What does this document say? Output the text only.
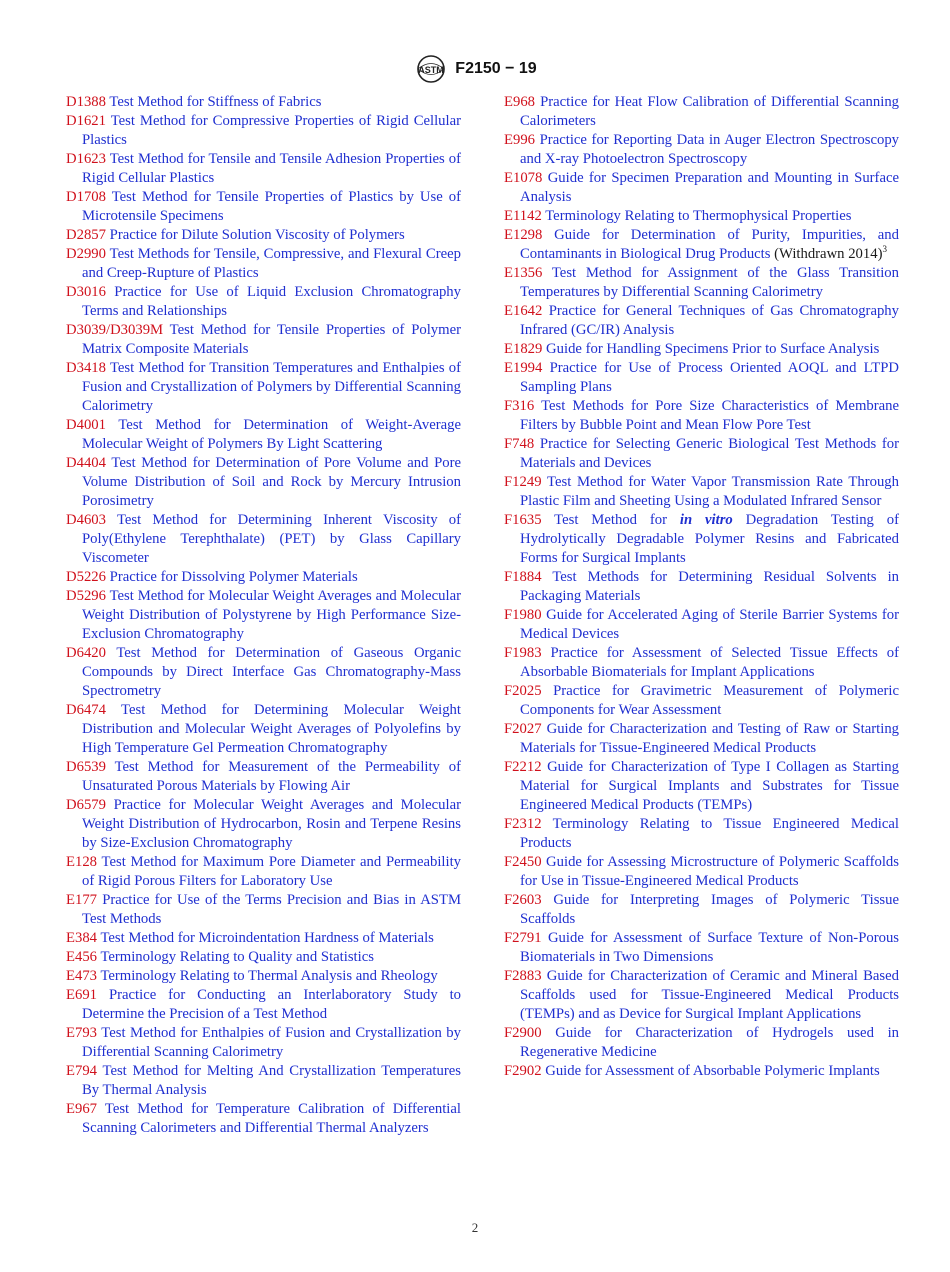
ASTM F2150 − 19
D1388 Test Method for Stiffness of Fabrics
D1621 Test Method for Compressive Properties of Rigid Cellular Plastics
D1623 Test Method for Tensile and Tensile Adhesion Properties of Rigid Cellular Plastics
D1708 Test Method for Tensile Properties of Plastics by Use of Microtensile Specimens
D2857 Practice for Dilute Solution Viscosity of Polymers
D2990 Test Methods for Tensile, Compressive, and Flexural Creep and Creep-Rupture of Plastics
D3016 Practice for Use of Liquid Exclusion Chromatography Terms and Relationships
D3039/D3039M Test Method for Tensile Properties of Polymer Matrix Composite Materials
D3418 Test Method for Transition Temperatures and Enthalpies of Fusion and Crystallization of Polymers by Differential Scanning Calorimetry
D4001 Test Method for Determination of Weight-Average Molecular Weight of Polymers By Light Scattering
D4404 Test Method for Determination of Pore Volume and Pore Volume Distribution of Soil and Rock by Mercury Intrusion Porosimetry
D4603 Test Method for Determining Inherent Viscosity of Poly(Ethylene Terephthalate) (PET) by Glass Capillary Viscometer
D5226 Practice for Dissolving Polymer Materials
D5296 Test Method for Molecular Weight Averages and Molecular Weight Distribution of Polystyrene by High Performance Size-Exclusion Chromatography
D6420 Test Method for Determination of Gaseous Organic Compounds by Direct Interface Gas Chromatography-Mass Spectrometry
D6474 Test Method for Determining Molecular Weight Distribution and Molecular Weight Averages of Polyolefins by High Temperature Gel Permeation Chromatography
D6539 Test Method for Measurement of the Permeability of Unsaturated Porous Materials by Flowing Air
D6579 Practice for Molecular Weight Averages and Molecular Weight Distribution of Hydrocarbon, Rosin and Terpene Resins by Size-Exclusion Chromatography
E128 Test Method for Maximum Pore Diameter and Permeability of Rigid Porous Filters for Laboratory Use
E177 Practice for Use of the Terms Precision and Bias in ASTM Test Methods
E384 Test Method for Microindentation Hardness of Materials
E456 Terminology Relating to Quality and Statistics
E473 Terminology Relating to Thermal Analysis and Rheology
E691 Practice for Conducting an Interlaboratory Study to Determine the Precision of a Test Method
E793 Test Method for Enthalpies of Fusion and Crystallization by Differential Scanning Calorimetry
E794 Test Method for Melting And Crystallization Temperatures By Thermal Analysis
E967 Test Method for Temperature Calibration of Differential Scanning Calorimeters and Differential Thermal Analyzers
E968 Practice for Heat Flow Calibration of Differential Scanning Calorimeters
E996 Practice for Reporting Data in Auger Electron Spectroscopy and X-ray Photoelectron Spectroscopy
E1078 Guide for Specimen Preparation and Mounting in Surface Analysis
E1142 Terminology Relating to Thermophysical Properties
E1298 Guide for Determination of Purity, Impurities, and Contaminants in Biological Drug Products (Withdrawn 2014)$^3$
E1356 Test Method for Assignment of the Glass Transition Temperatures by Differential Scanning Calorimetry
E1642 Practice for General Techniques of Gas Chromatography Infrared (GC/IR) Analysis
E1829 Guide for Handling Specimens Prior to Surface Analysis
E1994 Practice for Use of Process Oriented AOQL and LTPD Sampling Plans
F316 Test Methods for Pore Size Characteristics of Membrane Filters by Bubble Point and Mean Flow Pore Test
F748 Practice for Selecting Generic Biological Test Methods for Materials and Devices
F1249 Test Method for Water Vapor Transmission Rate Through Plastic Film and Sheeting Using a Modulated Infrared Sensor
F1635 Test Method for in vitro Degradation Testing of Hydrolytically Degradable Polymer Resins and Fabricated Forms for Surgical Implants
F1884 Test Methods for Determining Residual Solvents in Packaging Materials
F1980 Guide for Accelerated Aging of Sterile Barrier Systems for Medical Devices
F1983 Practice for Assessment of Selected Tissue Effects of Absorbable Biomaterials for Implant Applications
F2025 Practice for Gravimetric Measurement of Polymeric Components for Wear Assessment
F2027 Guide for Characterization and Testing of Raw or Starting Materials for Tissue-Engineered Medical Products
F2212 Guide for Characterization of Type I Collagen as Starting Material for Surgical Implants and Substrates for Tissue Engineered Medical Products (TEMPs)
F2312 Terminology Relating to Tissue Engineered Medical Products
F2450 Guide for Assessing Microstructure of Polymeric Scaffolds for Use in Tissue-Engineered Medical Products
F2603 Guide for Interpreting Images of Polymeric Tissue Scaffolds
F2791 Guide for Assessment of Surface Texture of Non-Porous Biomaterials in Two Dimensions
F2883 Guide for Characterization of Ceramic and Mineral Based Scaffolds used for Tissue-Engineered Medical Products (TEMPs) and as Device for Surgical Implant Applications
F2900 Guide for Characterization of Hydrogels used in Regenerative Medicine
F2902 Guide for Assessment of Absorbable Polymeric Implants
2
